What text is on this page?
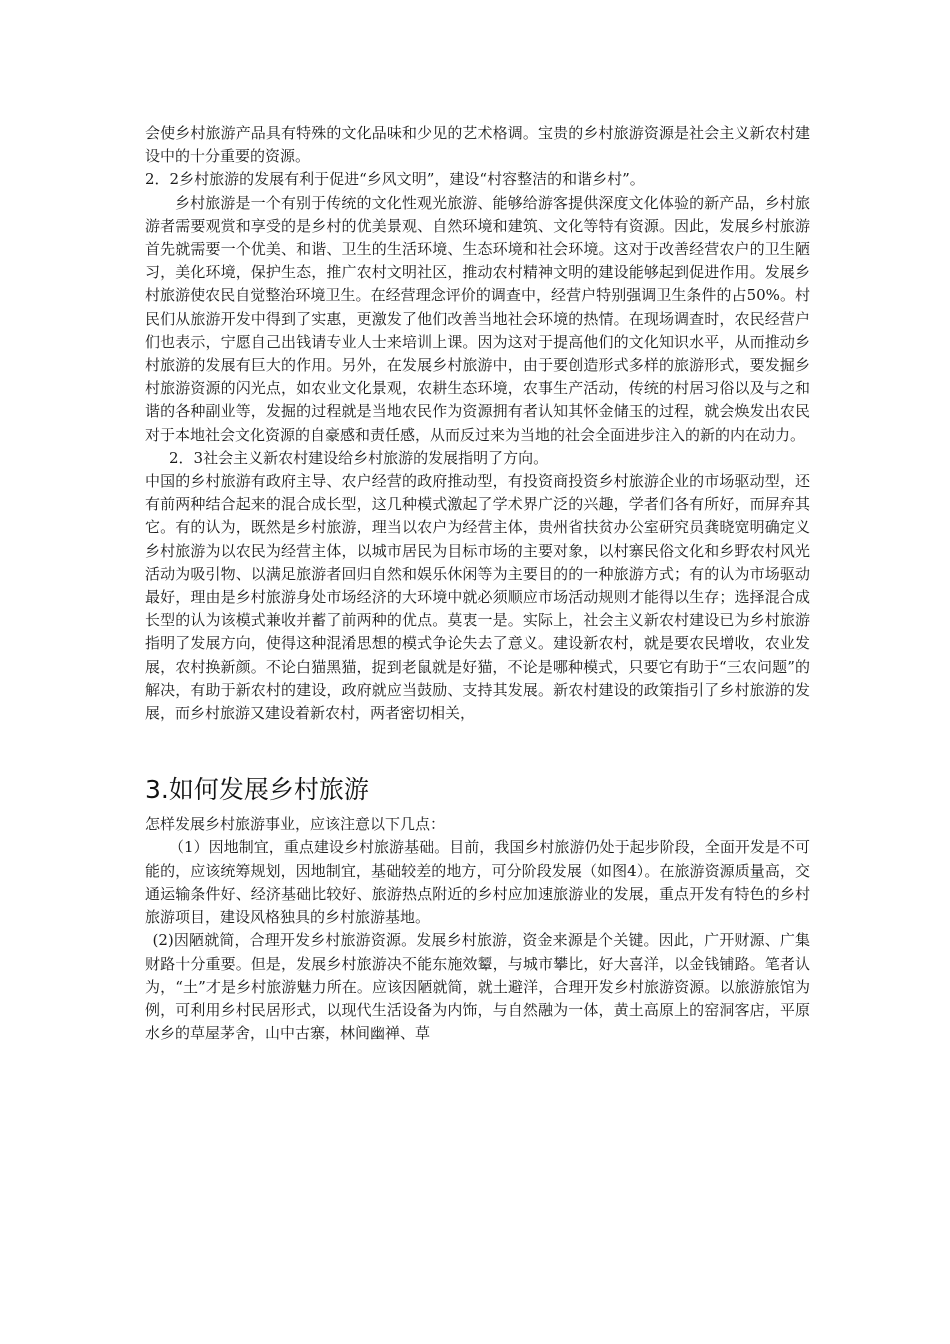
会使乡村旅游产品具有特殊的文化品味和少见的艺术格调。宝贵的乡村旅游资源是社会主义新农村建设中的十分重要的资源。

2．2乡村旅游的发展有利于促进“乡风文明”，建设“村容整洁的和谐乡村”。

乡村旅游是一个有别于传统的文化性观光旅游、能够给游客提供深度文化体验的新产品，乡村旅游者需要观赏和享受的是乡村的优美景观、自然环境和建筑、文化等特有资源。因此，发展乡村旅游首先就需要一个优美、和谐、卫生的生活环境、生态环境和社会环境。这对于改善经营农户的卫生陋习，美化环境，保护生态，推广农村文明社区，推动农村精神文明的建设能够起到促进作用。发展乡村旅游使农民自觉整治环境卫生。在经营理念评价的调查中，经营户特别强调卫生条件的占50%。村民们从旅游开发中得到了实惠，更激发了他们改善当地社会环境的热情。在现场调查时，农民经营户们也表示，宁愿自己出钱请专业人士来培训上课。因为这对于提高他们的文化知识水平，从而推动乡村旅游的发展有巨大的作用。另外，在发展乡村旅游中，由于要创造形式多样的旅游形式，要发掘乡村旅游资源的闪光点，如农业文化景观，农耕生态环境，农事生产活动，传统的村居习俗以及与之和谐的各种副业等，发掘的过程就是当地农民作为资源拥有者认知其怀金储玉的过程，就会焕发出农民对于本地社会文化资源的自豪感和责任感，从而反过来为当地的社会全面进步注入的新的内在动力。

2．3社会主义新农村建设给乡村旅游的发展指明了方向。

中国的乡村旅游有政府主导、农户经营的政府推动型，有投资商投资乡村旅游企业的市场驱动型，还有前两种结合起来的混合成长型，这几种模式激起了学术界广泛的兴趣，学者们各有所好，而屏弃其它。有的认为，既然是乡村旅游，理当以农户为经营主体，贵州省扶贫办公室研究员龚晓宽明确定义乡村旅游为以农民为经营主体，以城市居民为目标市场的主要对象，以村寨民俗文化和乡野农村风光活动为吸引物、以满足旅游者回归自然和娱乐休闲等为主要目的的一种旅游方式；有的认为市场驱动最好，理由是乡村旅游身处市场经济的大环境中就必须顺应市场活动规则才能得以生存；选择混合成长型的认为该模式兼收并蓄了前两种的优点。莫衷一是。实际上，社会主义新农村建设已为乡村旅游指明了发展方向，使得这种混淆思想的模式争论失去了意义。建设新农村，就是要农民增收，农业发展，农村换新颜。不论白猫黑猫，捉到老鼠就是好猫，不论是哪种模式，只要它有助于“三农问题”的解决，有助于新农村的建设，政府就应当鼓励、支持其发展。新农村建设的政策指引了乡村旅游的发展，而乡村旅游又建设着新农村，两者密切相关，

3.如何发展乡村旅游

怎样发展乡村旅游事业，应该注意以下几点：

（1）因地制宜，重点建设乡村旅游基础。目前，我国乡村旅游仍处于起步阶段，全面开发是不可能的，应该统筹规划，因地制宜，基础较差的地方，可分阶段发展（如图4）。在旅游资源质量高，交通运输条件好、经济基础比较好、旅游热点附近的乡村应加速旅游业的发展，重点开发有特色的乡村旅游项目，建设风格独具的乡村旅游基地。

(2)因陋就简，合理开发乡村旅游资源。发展乡村旅游，资金来源是个关键。因此，广开财源、广集财路十分重要。但是，发展乡村旅游决不能东施效颦，与城市攀比，好大喜洋，以金钱铺路。笔者认为，“土”才是乡村旅游魅力所在。应该因陋就简，就土避洋，合理开发乡村旅游资源。以旅游旅馆为例，可利用乡村民居形式，以现代生活设备为内饰，与自然融为一体，黄土高原上的窑洞客店，平原水乡的草屋茅舍，山中古寨，林间幽禅、草
